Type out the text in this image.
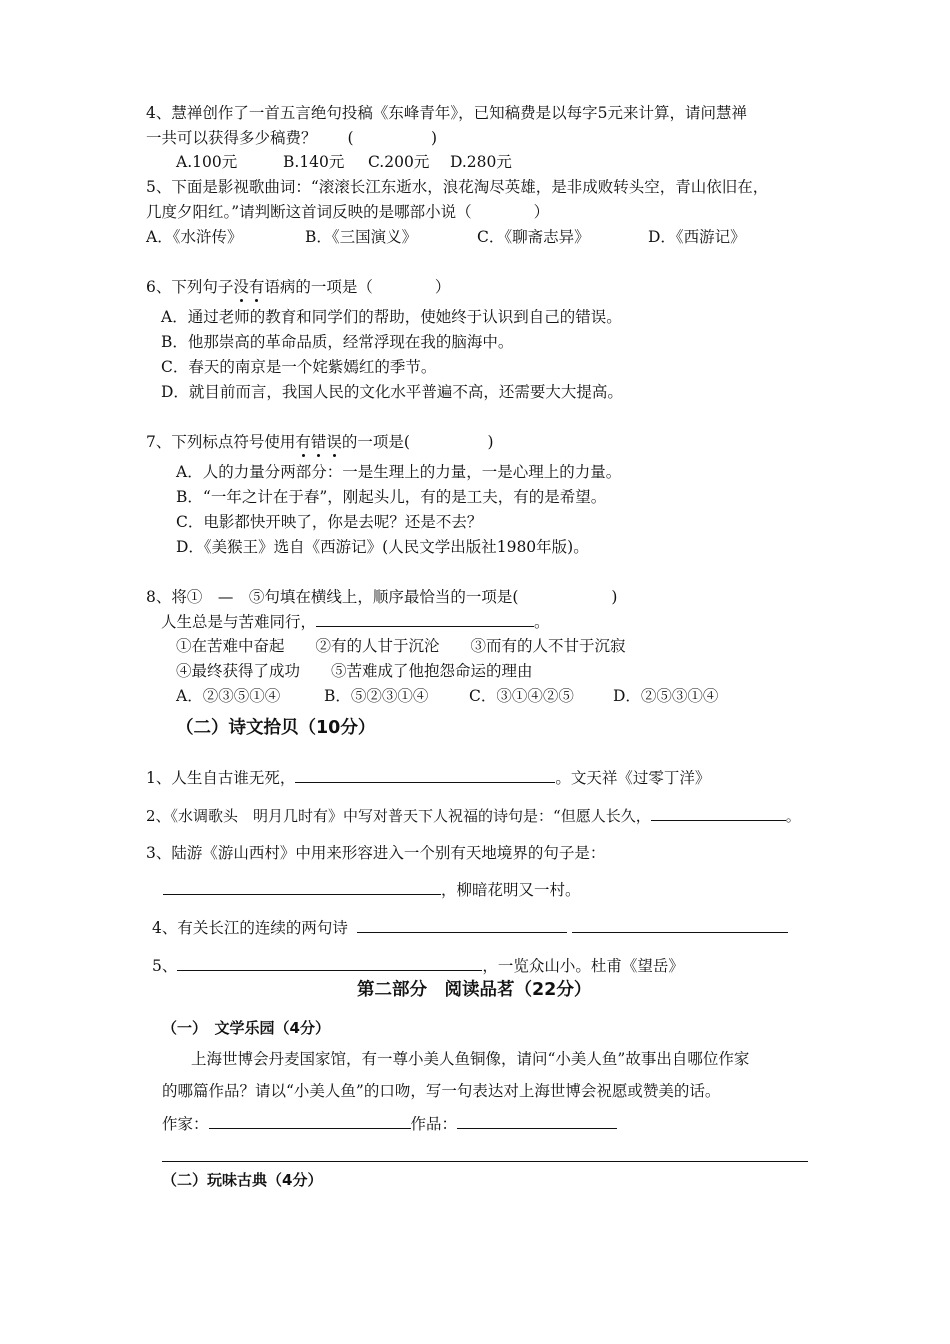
4、慧禅创作了一首五言绝句投稿《东峰青年》，已知稿费是以每字5元来计算，请问慧禅
一共可以获得多少稿费？　　(　　　　　)
A.100元	B.140元 C.200元 D.280元
5、下面是影视歌曲词：“滚滚长江东逝水，浪花淘尽英雄，是非成败转头空，青山依旧在，
几度夕阳红。”请判断这首词反映的是哪部小说（　　　　）
A．《水浒传》	B．《三国演义》	C．《聊斋志异》	D．《西游记》
6、下列句子没有语病的一项是（　　　　）
A．通过老师的教育和同学们的帮助，使她终于认识到自己的错误。
B．他那崇高的革命品质，经常浮现在我的脑海中。
C．春天的南京是一个姹紫嫣红的季节。
D．就目前而言，我国人民的文化水平普遍不高，还需要大大提高。
7、下列标点符号使用有错误的一项是(　　　　　)
A．人的力量分两部分：一是生理上的力量，一是心理上的力量。
B．“一年之计在于春”，刚起头儿，有的是工夫，有的是希望。
C．电影都快开映了，你是去呢？还是不去？
D．《美猴王》选自《西游记》(人民文学出版社1980年版)。
8、将①　—　⑤句填在横线上，顺序最恰当的一项是(　　　　　　)
人生总是与苦难同行，	。
①在苦难中奋起　　②有的人甘于沉沦　　③而有的人不甘于沉寂
④最终获得了成功　　⑤苦难成了他抱怨命运的理由
A．②③⑤①④	B．⑤②③①④	C．③①④②⑤	D．②⑤③①④
（二）诗文拾贝（10分）
1、人生自古谁无死，	。文天祥《过零丁洋》
2、《水调歌头　明月几时有》中写对普天下人祝福的诗句是：“但愿人长久，	。
3、陆游《游山西村》中用来形容进入一个别有天地境界的句子是：
，柳暗花明又一村。
4、有关长江的连续的两句诗
5、	，一览众山小。杜甫《望岳》
第二部分　阅读品茗（22分）
（一）　文学乐园（4分）
上海世博会丹麦国家馆，有一尊小美人鱼铜像，请问“小美人鱼”故事出自哪位作家
的哪篇作品？请以“小美人鱼”的口吻，写一句表达对上海世博会祝愿或赞美的话。
作家：	作品：
（二）玩味古典（4分）
